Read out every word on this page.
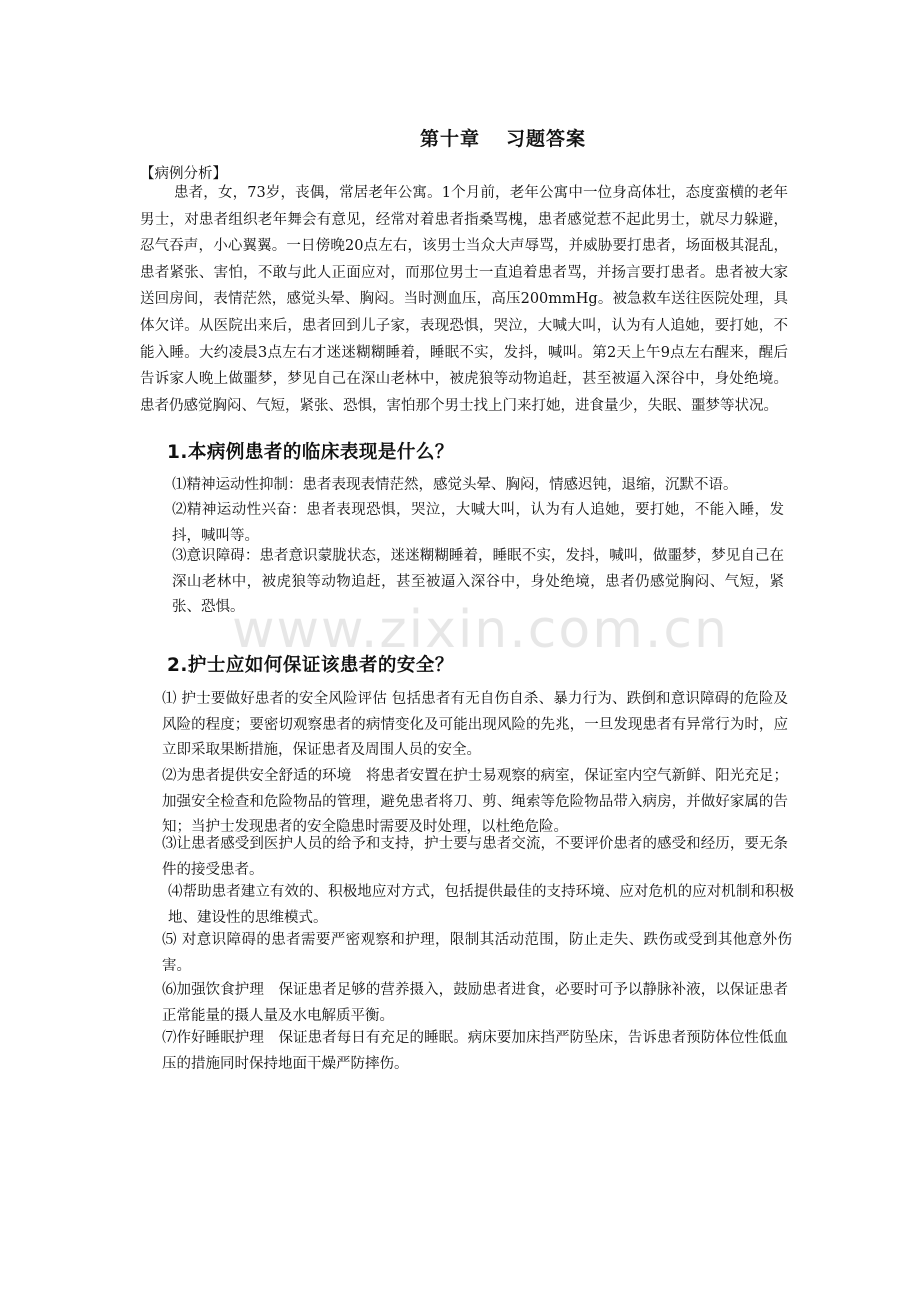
第十章 习题答案
【病例分析】
患者，女，73岁，丧偶，常居老年公寓。1个月前，老年公寓中一位身高体壮，态度蛮横的老年男士，对患者组织老年舞会有意见，经常对着患者指桑骂槐，患者感觉惹不起此男士，就尽力躲避，忍气吞声，小心翼翼。一日傍晚20点左右，该男士当众大声辱骂，并威胁要打患者，场面极其混乱，患者紧张、害怕，不敢与此人正面应对，而那位男士一直追着患者骂，并扬言要打患者。患者被大家送回房间，表情茫然，感觉头晕、胸闷。当时测血压，高压200mmHg。被急救车送往医院处理，具体欠详。从医院出来后，患者回到儿子家，表现恐惧，哭泣，大喊大叫，认为有人追她，要打她，不能入睡。大约凌晨3点左右才迷迷糊糊睡着，睡眠不实，发抖，喊叫。第2天上午9点左右醒来，醒后告诉家人晚上做噩梦，梦见自己在深山老林中，被虎狼等动物追赶，甚至被逼入深谷中，身处绝境。患者仍感觉胸闷、气短，紧张、恐惧，害怕那个男士找上门来打她，进食量少，失眠、噩梦等状况。
1.本病例患者的临床表现是什么？
⑴精神运动性抑制：患者表现表情茫然，感觉头晕、胸闷，情感迟钝，退缩，沉默不语。
⑵精神运动性兴奋：患者表现恐惧，哭泣，大喊大叫，认为有人追她，要打她，不能入睡，发抖，喊叫等。
⑶意识障碍：患者意识蒙胧状态，迷迷糊糊睡着，睡眠不实，发抖，喊叫，做噩梦，梦见自己在深山老林中，被虎狼等动物追赶，甚至被逼入深谷中，身处绝境，患者仍感觉胸闷、气短，紧张、恐惧。
www.zixin.com.cn
2.护士应如何保证该患者的安全？
⑴ 护士要做好患者的安全风险评估 包括患者有无自伤自杀、暴力行为、跌倒和意识障碍的危险及风险的程度；要密切观察患者的病情变化及可能出现风险的先兆，一旦发现患者有异常行为时，应立即采取果断措施，保证患者及周围人员的安全。
⑵为患者提供安全舒适的环境　将患者安置在护士易观察的病室，保证室内空气新鲜、阳光充足；加强安全检查和危险物品的管理，避免患者将刀、剪、绳索等危险物品带入病房，并做好家属的告知；当护士发现患者的安全隐患时需要及时处理，以杜绝危险。
⑶让患者感受到医护人员的给予和支持，护士要与患者交流，不要评价患者的感受和经历，要无条件的接受患者。
⑷帮助患者建立有效的、积极地应对方式，包括提供最佳的支持环境、应对危机的应对机制和积极地、建设性的思维模式。
⑸ 对意识障碍的患者需要严密观察和护理，限制其活动范围，防止走失、跌伤或受到其他意外伤害。
⑹加强饮食护理　保证患者足够的营养摄入，鼓励患者进食，必要时可予以静脉补液，以保证患者正常能量的摄人量及水电解质平衡。
⑺作好睡眠护理　保证患者每日有充足的睡眠。病床要加床挡严防坠床，告诉患者预防体位性低血压的措施同时保持地面干燥严防摔伤。
